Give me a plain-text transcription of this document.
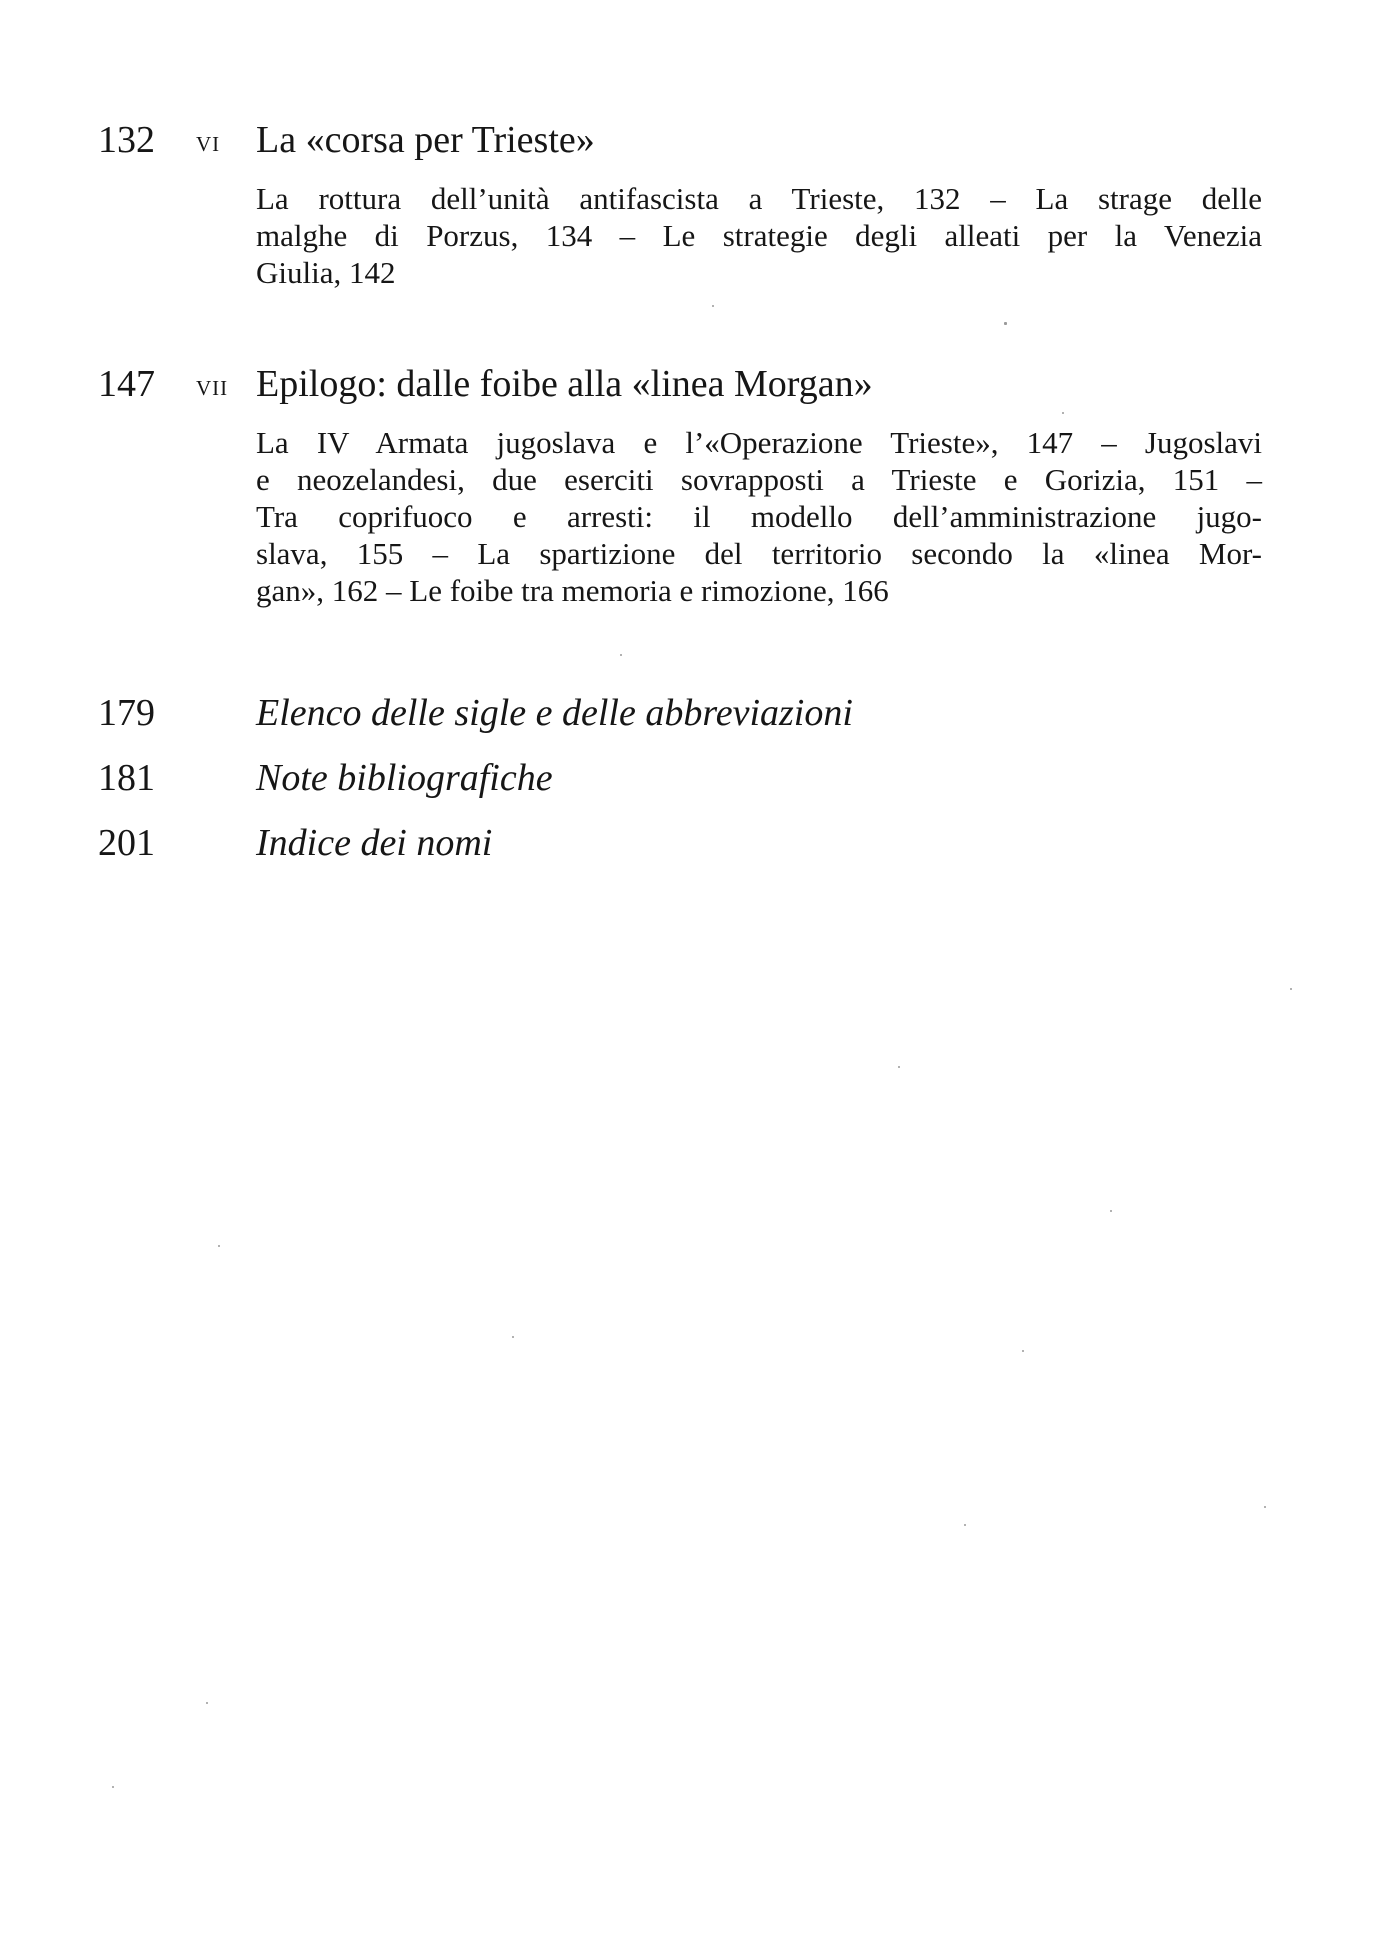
132 vi La «corsa per Trieste»
La rottura dell’unità antifascista a Trieste, 132 – La strage delle
malghe di Porzus, 134 – Le strategie degli alleati per la Venezia
Giulia, 142
147 vii Epilogo: dalle foibe alla «linea Morgan»
La IV Armata jugoslava e l’«Operazione Trieste», 147 – Jugoslavi
e neozelandesi, due eserciti sovrapposti a Trieste e Gorizia, 151 –
Tra coprifuoco e arresti: il modello dell’amministrazione jugo-
slava, 155 – La spartizione del territorio secondo la «linea Mor-
gan», 162 – Le foibe tra memoria e rimozione, 166
179	Elenco delle sigle e delle abbreviazioni
181	Note bibliografiche
201	Indice dei nomi
